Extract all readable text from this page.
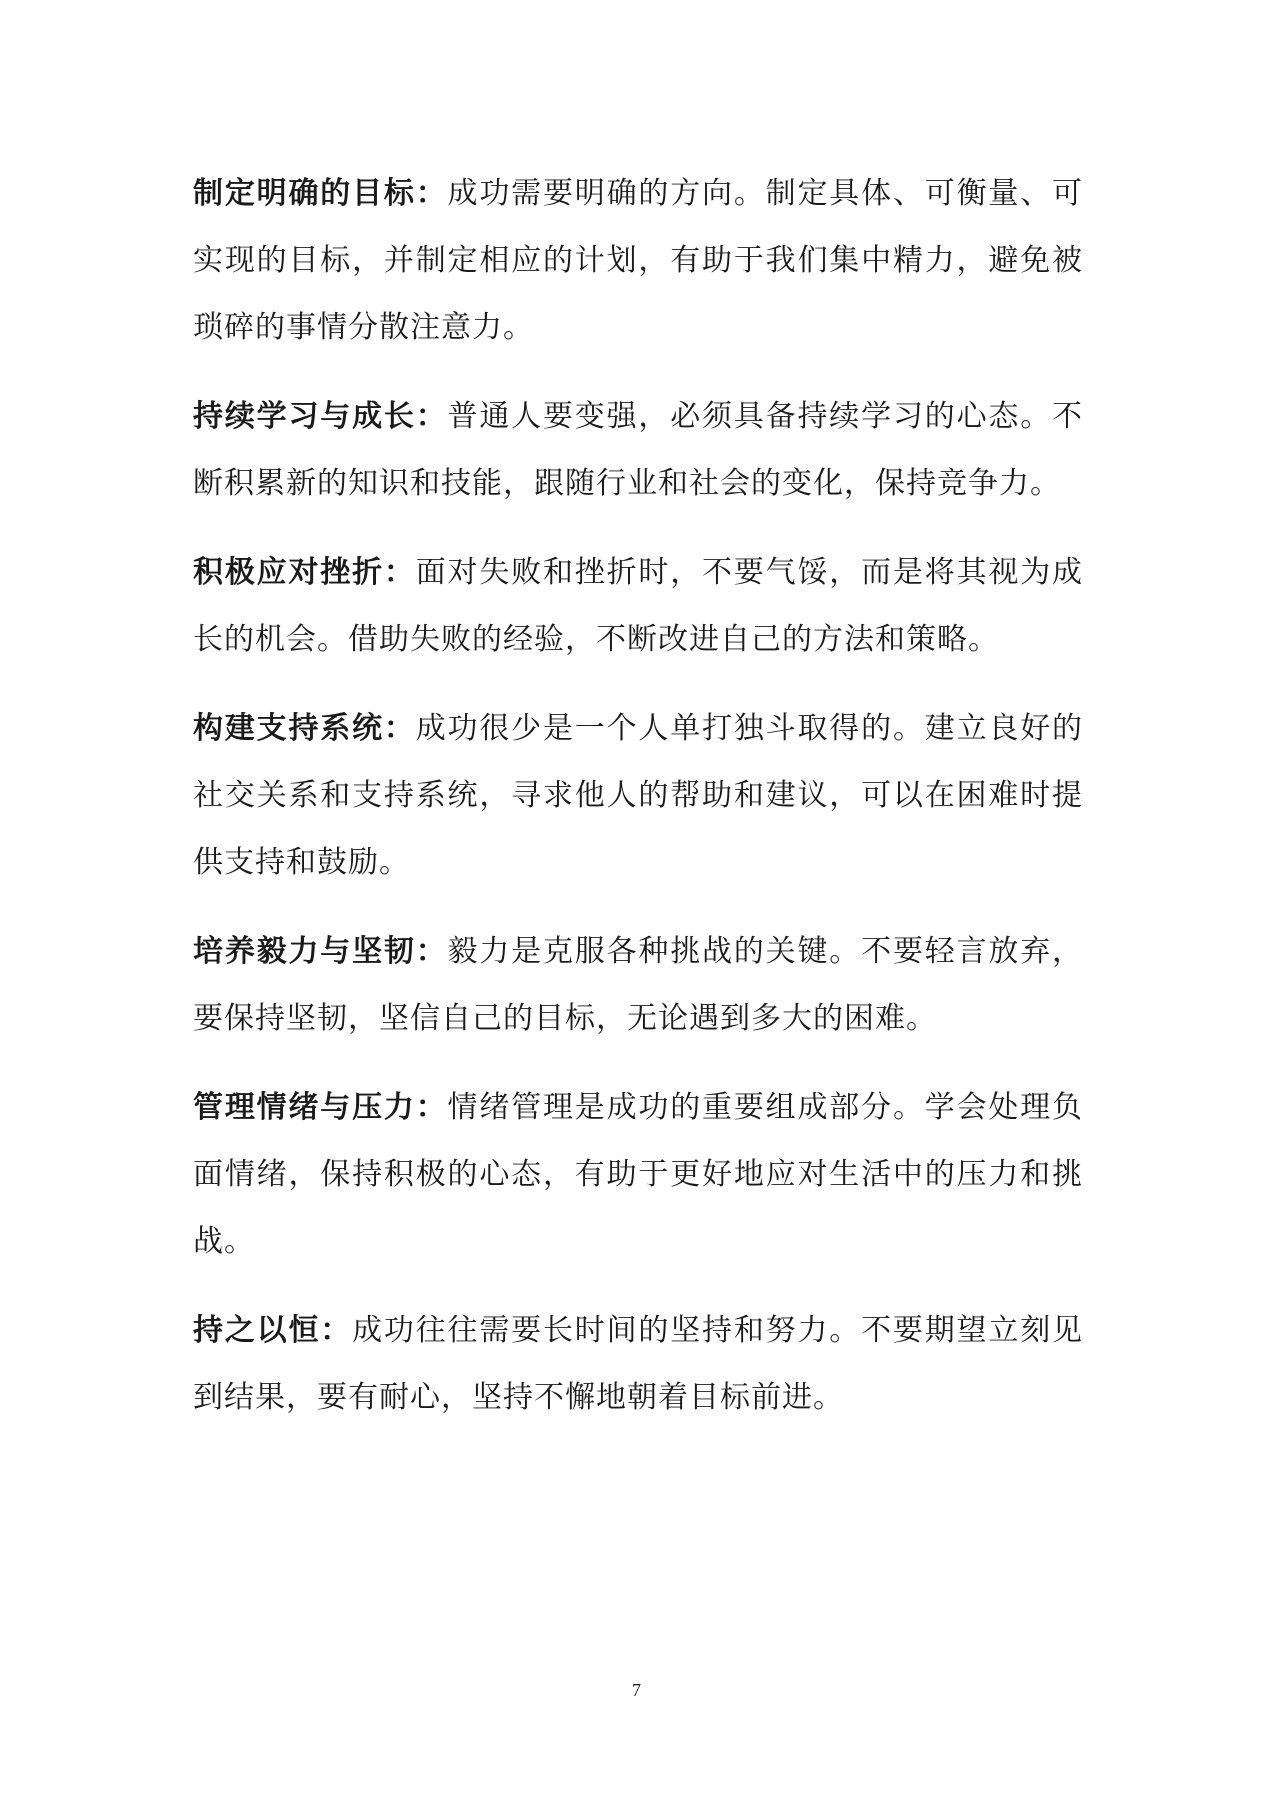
制定明确的目标：成功需要明确的方向。制定具体、可衡量、可实现的目标，并制定相应的计划，有助于我们集中精力，避免被琐碎的事情分散注意力。

持续学习与成长：普通人要变强，必须具备持续学习的心态。不断积累新的知识和技能，跟随行业和社会的变化，保持竞争力。

积极应对挫折：面对失败和挫折时，不要气馁，而是将其视为成长的机会。借助失败的经验，不断改进自己的方法和策略。

构建支持系统：成功很少是一个人单打独斗取得的。建立良好的社交关系和支持系统，寻求他人的帮助和建议，可以在困难时提供支持和鼓励。

培养毅力与坚韧：毅力是克服各种挑战的关键。不要轻言放弃，要保持坚韧，坚信自己的目标，无论遇到多大的困难。

管理情绪与压力：情绪管理是成功的重要组成部分。学会处理负面情绪，保持积极的心态，有助于更好地应对生活中的压力和挑战。

持之以恒：成功往往需要长时间的坚持和努力。不要期望立刻见到结果，要有耐心，坚持不懈地朝着目标前进。

7
